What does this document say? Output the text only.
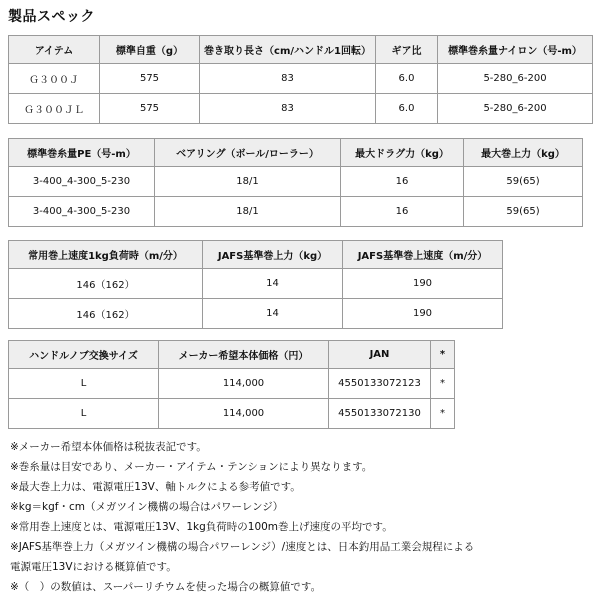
製品スペック
アイテム	標準自重（g）	巻き取り長さ（cm/ハンドル1回転）	ギア比	標準巻糸量ナイロン（号-m）
Ｇ３００Ｊ	575	83	6.0	5-280_6-200
Ｇ３００ＪＬ	575	83	6.0	5-280_6-200
標準巻糸量PE（号-m）	ベアリング（ボール/ローラー）	最大ドラグ力（kg）	最大巻上力（kg）
3-400_4-300_5-230	18/1	16	59(65)
3-400_4-300_5-230	18/1	16	59(65)
常用巻上速度1kg負荷時（m/分）	JAFS基準巻上力（kg）	JAFS基準巻上速度（m/分）
146（162）	14	190
146（162）	14	190
ハンドルノブ交換サイズ	メーカー希望本体価格（円）	JAN	*
L	114,000	4550133072123	*
L	114,000	4550133072130	*
※メーカー希望本体価格は税抜表記です。
※巻糸量は目安であり、メーカー・アイテム・テンションにより異なります。
※最大巻上力は、電源電圧13V、軸トルクによる参考値です。
※kg＝kgf・cm（メガツイン機構の場合はパワーレンジ）
※常用巻上速度とは、電源電圧13V、1kg負荷時の100m巻上げ速度の平均です。
※JAFS基準巻上力（メガツイン機構の場合パワーレンジ）/速度とは、日本釣用品工業会規程による
電源電圧13Vにおける概算値です。
※（　）の数値は、スーパーリチウムを使った場合の概算値です。
